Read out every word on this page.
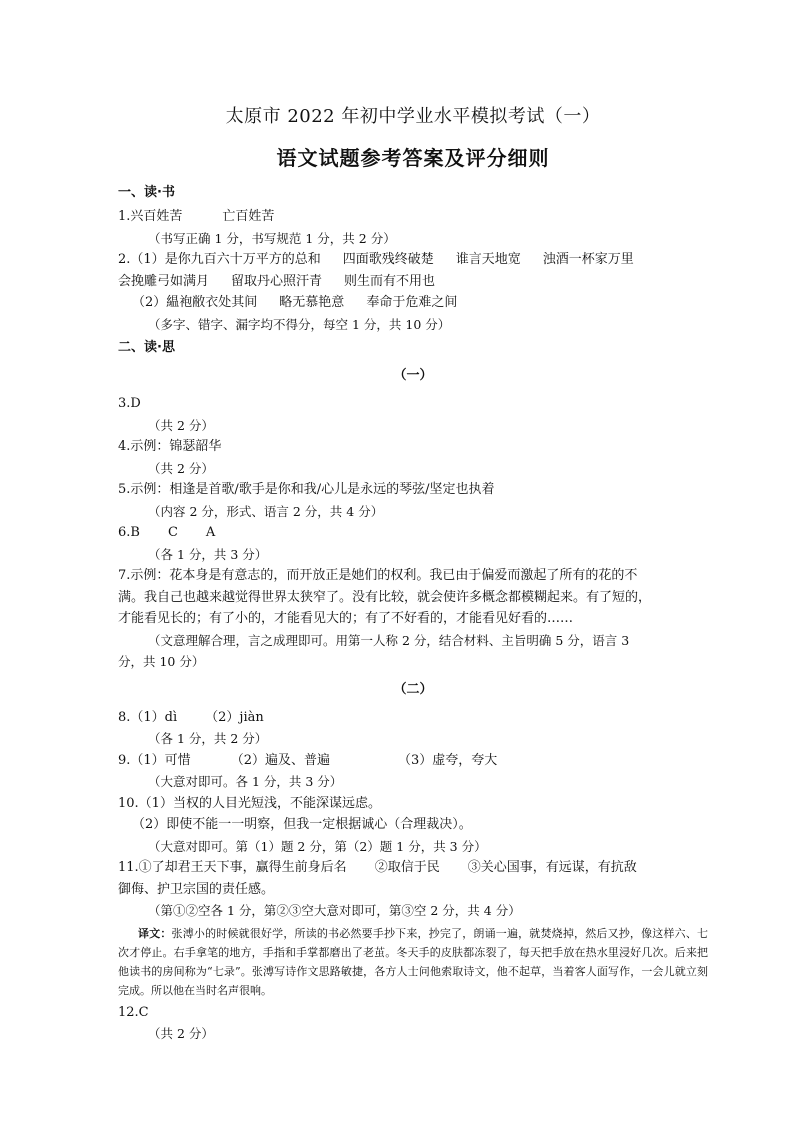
太原市 2022 年初中学业水平模拟考试（一）
语文试题参考答案及评分细则
一、读·书
1.兴百姓苦	亡百姓苦
（书写正确 1 分，书写规范 1 分，共 2 分）
2.（1）是你九百六十万平方的总和 四面歌残终破楚 谁言天地宽 浊酒一杯家万里
会挽雕弓如满月 留取丹心照汗青 则生而有不用也
（2）緼袍敝衣处其间 略无慕艳意 奉命于危难之间
（多字、错字、漏字均不得分，每空 1 分，共 10 分）
二、读·思
（一）
3.D
（共 2 分）
4.示例：锦瑟韶华
（共 2 分）
5.示例：相逢是首歌/歌手是你和我/心儿是永远的琴弦/坚定也执着
（内容 2 分，形式、语言 2 分，共 4 分）
6.B C A
（各 1 分，共 3 分）
7.示例：花本身是有意志的，而开放正是她们的权利。我已由于偏爱而激起了所有的花的不
满。我自己也越来越觉得世界太狭窄了。没有比较，就会使许多概念都模糊起来。有了短的，
才能看见长的；有了小的，才能看见大的；有了不好看的，才能看见好看的……
（文意理解合理，言之成理即可。用第一人称 2 分，结合材料、主旨明确 5 分，语言 3
分，共 10 分）
（二）
8.（1）dì （2）jiàn
（各 1 分，共 2 分）
9.（1）可惜	（2）遍及、普遍	（3）虚夸，夸大
（大意对即可。各 1 分，共 3 分）
10.（1）当权的人目光短浅，不能深谋远虑。
（2）即使不能一一明察，但我一定根据诚心（合理裁决）。
（大意对即可。第（1）题 2 分，第（2）题 1 分，共 3 分）
11.①了却君王天下事，赢得生前身后名 ②取信于民 ③关心国事，有远谋，有抗敌
御侮、护卫宗国的责任感。
（第①②空各 1 分，第②③空大意对即可，第③空 2 分，共 4 分）
译文：张溥小的时候就很好学，所读的书必然要手抄下来，抄完了，朗诵一遍，就焚烧掉，然后又抄，像这样六、七次才停止。右手拿笔的地方，手指和手掌都磨出了老茧。冬天手的皮肤都冻裂了，每天把手放在热水里浸好几次。后来把他读书的房间称为“七录”。张溥写诗作文思路敏捷，各方人士问他索取诗文，他不起草，当着客人面写作，一会儿就立刻完成。所以他在当时名声很响。
12.C
（共 2 分）
